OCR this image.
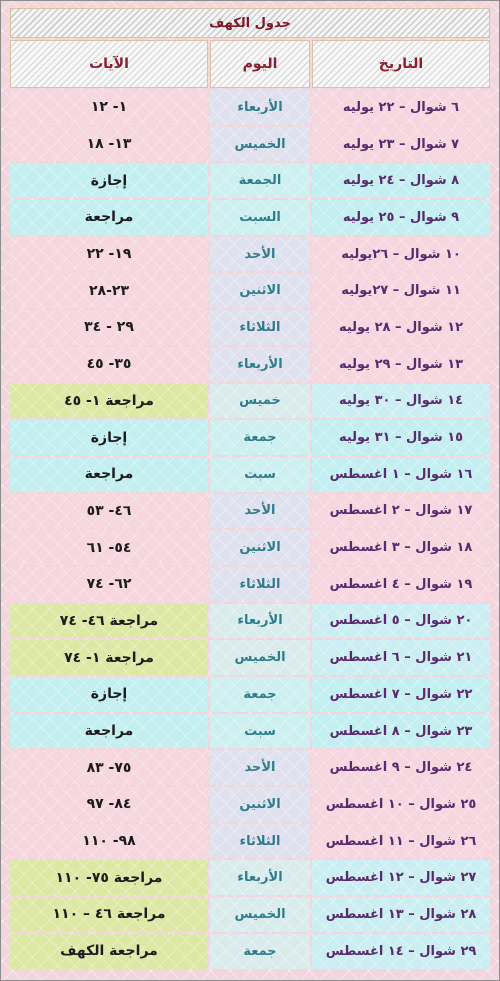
جدول الكهف
التاريخ
اليوم
الآيات
٦ شوال – ٢٢ يوليه
الأربعاء
١- ١٢
٧ شوال – ٢٣ يوليه
الخميس
١٣- ١٨
٨ شوال – ٢٤ يوليه
الجمعة
إجازة
٩ شوال – ٢٥ يوليه
السبت
مراجعة
١٠ شوال – ٢٦يوليه
الأحد
١٩- ٢٢
١١ شوال – ٢٧يوليه
الاثنين
٢٣-٢٨
١٢ شوال – ٢٨ يوليه
الثلاثاء
٢٩ - ٣٤
١٣ شوال – ٢٩ يوليه
الأربعاء
٣٥- ٤٥
١٤ شوال – ٣٠ يوليه
خميس
مراجعة ١- ٤٥
١٥ شوال – ٣١ يوليه
جمعة
إجازة
١٦ شوال – ١ اغسطس
سبت
مراجعة
١٧ شوال – ٢ اغسطس
الأحد
٤٦- ٥٣
١٨ شوال – ٣ اغسطس
الاثنين
٥٤- ٦١
١٩ شوال – ٤ اغسطس
الثلاثاء
٦٢- ٧٤
٢٠ شوال – ٥ اغسطس
الأربعاء
مراجعة ٤٦- ٧٤
٢١ شوال – ٦ اغسطس
الخميس
مراجعة ١- ٧٤
٢٢ شوال – ٧ اغسطس
جمعة
إجازة
٢٣ شوال – ٨ اغسطس
سبت
مراجعة
٢٤ شوال – ٩ اغسطس
الأحد
٧٥- ٨٣
٢٥ شوال – ١٠ اغسطس
الاثنين
٨٤- ٩٧
٢٦ شوال – ١١ اغسطس
الثلاثاء
٩٨- ١١٠
٢٧ شوال – ١٢ اغسطس
الأربعاء
مراجعة ٧٥- ١١٠
٢٨ شوال – ١٣ اغسطس
الخميس
مراجعة ٤٦ – ١١٠
٢٩ شوال – ١٤ اغسطس
جمعة
مراجعة الكهف
